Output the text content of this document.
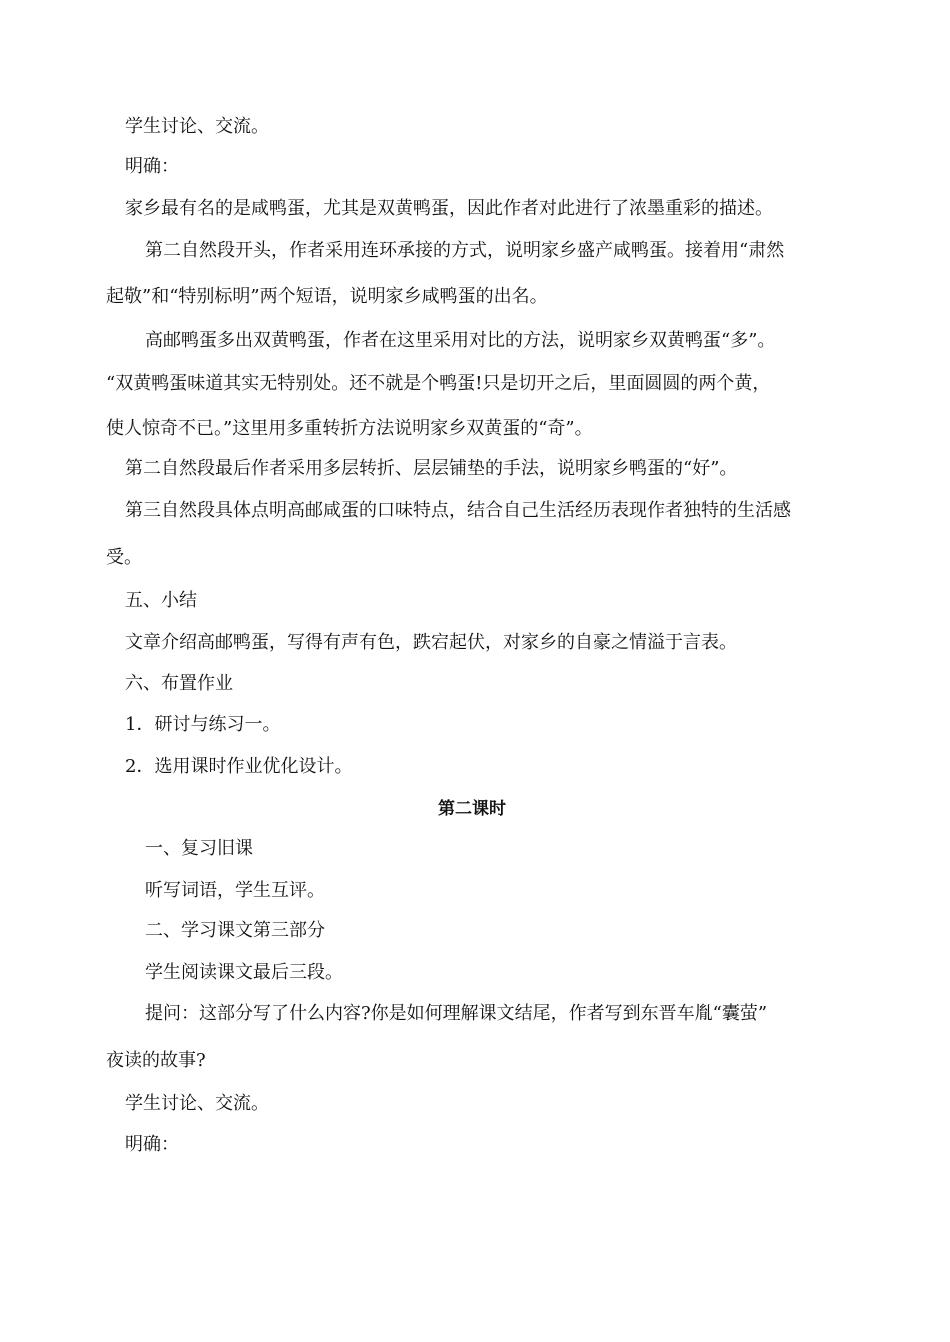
学生讨论、交流。
明确：
家乡最有名的是咸鸭蛋，尤其是双黄鸭蛋，因此作者对此进行了浓墨重彩的描述。
第二自然段开头，作者采用连环承接的方式，说明家乡盛产咸鸭蛋。接着用“肃然
起敬”和“特别标明”两个短语，说明家乡咸鸭蛋的出名。
高邮鸭蛋多出双黄鸭蛋，作者在这里采用对比的方法，说明家乡双黄鸭蛋“多”。
“双黄鸭蛋味道其实无特别处。还不就是个鸭蛋!只是切开之后，里面圆圆的两个黄，
使人惊奇不已。”这里用多重转折方法说明家乡双黄蛋的“奇”。
第二自然段最后作者采用多层转折、层层铺垫的手法，说明家乡鸭蛋的“好”。
第三自然段具体点明高邮咸蛋的口味特点，结合自己生活经历表现作者独特的生活感
受。
五、小结
文章介绍高邮鸭蛋，写得有声有色，跌宕起伏，对家乡的自豪之情溢于言表。
六、布置作业
1．研讨与练习一。
2．选用课时作业优化设计。
第二课时
一、复习旧课
听写词语，学生互评。
二、学习课文第三部分
学生阅读课文最后三段。
提问：这部分写了什么内容?你是如何理解课文结尾，作者写到东晋车胤“囊萤”
夜读的故事?
学生讨论、交流。
明确：
